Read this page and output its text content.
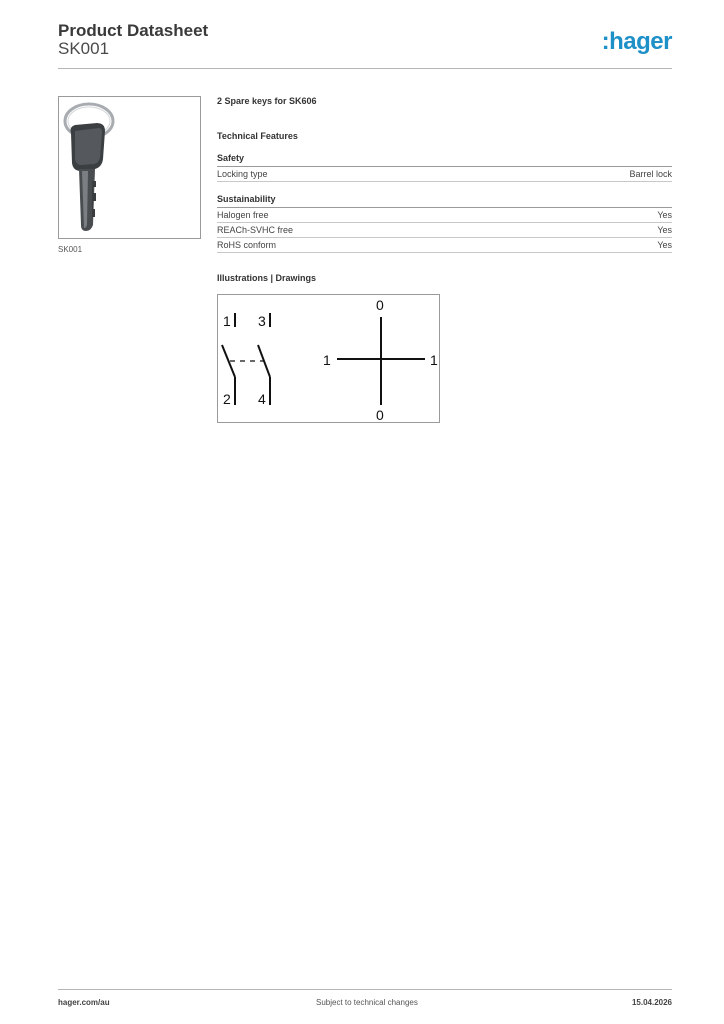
Product Datasheet
SK001	:hager
SK001
2 Spare keys for SK606
Technical Features
Safety
Locking type	Barrel lock
Sustainability
Halogen free	Yes
REACh-SVHC free	Yes
RoHS conform	Yes
Illustrations | Drawings
1 3
2 4
0
1	1
0
hager.com/au	Subject to technical changes	15.04.2026
